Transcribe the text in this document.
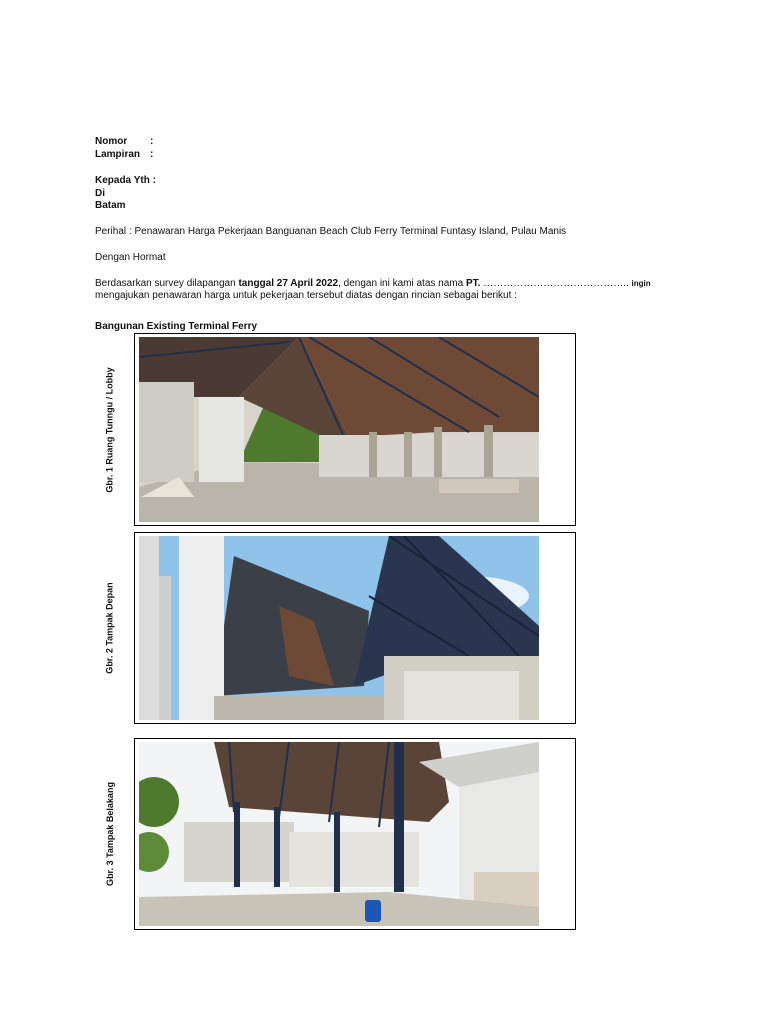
Nomor :
Lampiran :
Kepada Yth :
Di
Batam
Perihal : Penawaran Harga Pekerjaan Banguanan Beach Club Ferry Terminal Funtasy Island, Pulau Manis
Dengan Hormat
Berdasarkan survey dilapangan tanggal 27 April 2022, dengan ini kami atas nama PT. …………………………………….. ingin
mengajukan penawaran harga untuk pekerjaan tersebut diatas dengan rincian sebagai berikut :
Bangunan Existing Terminal Ferry
Gbr. 1 Ruang Tunngu / Lobby
Gbr. 2 Tampak Depan
Gbr. 3 Tampak Belakang
